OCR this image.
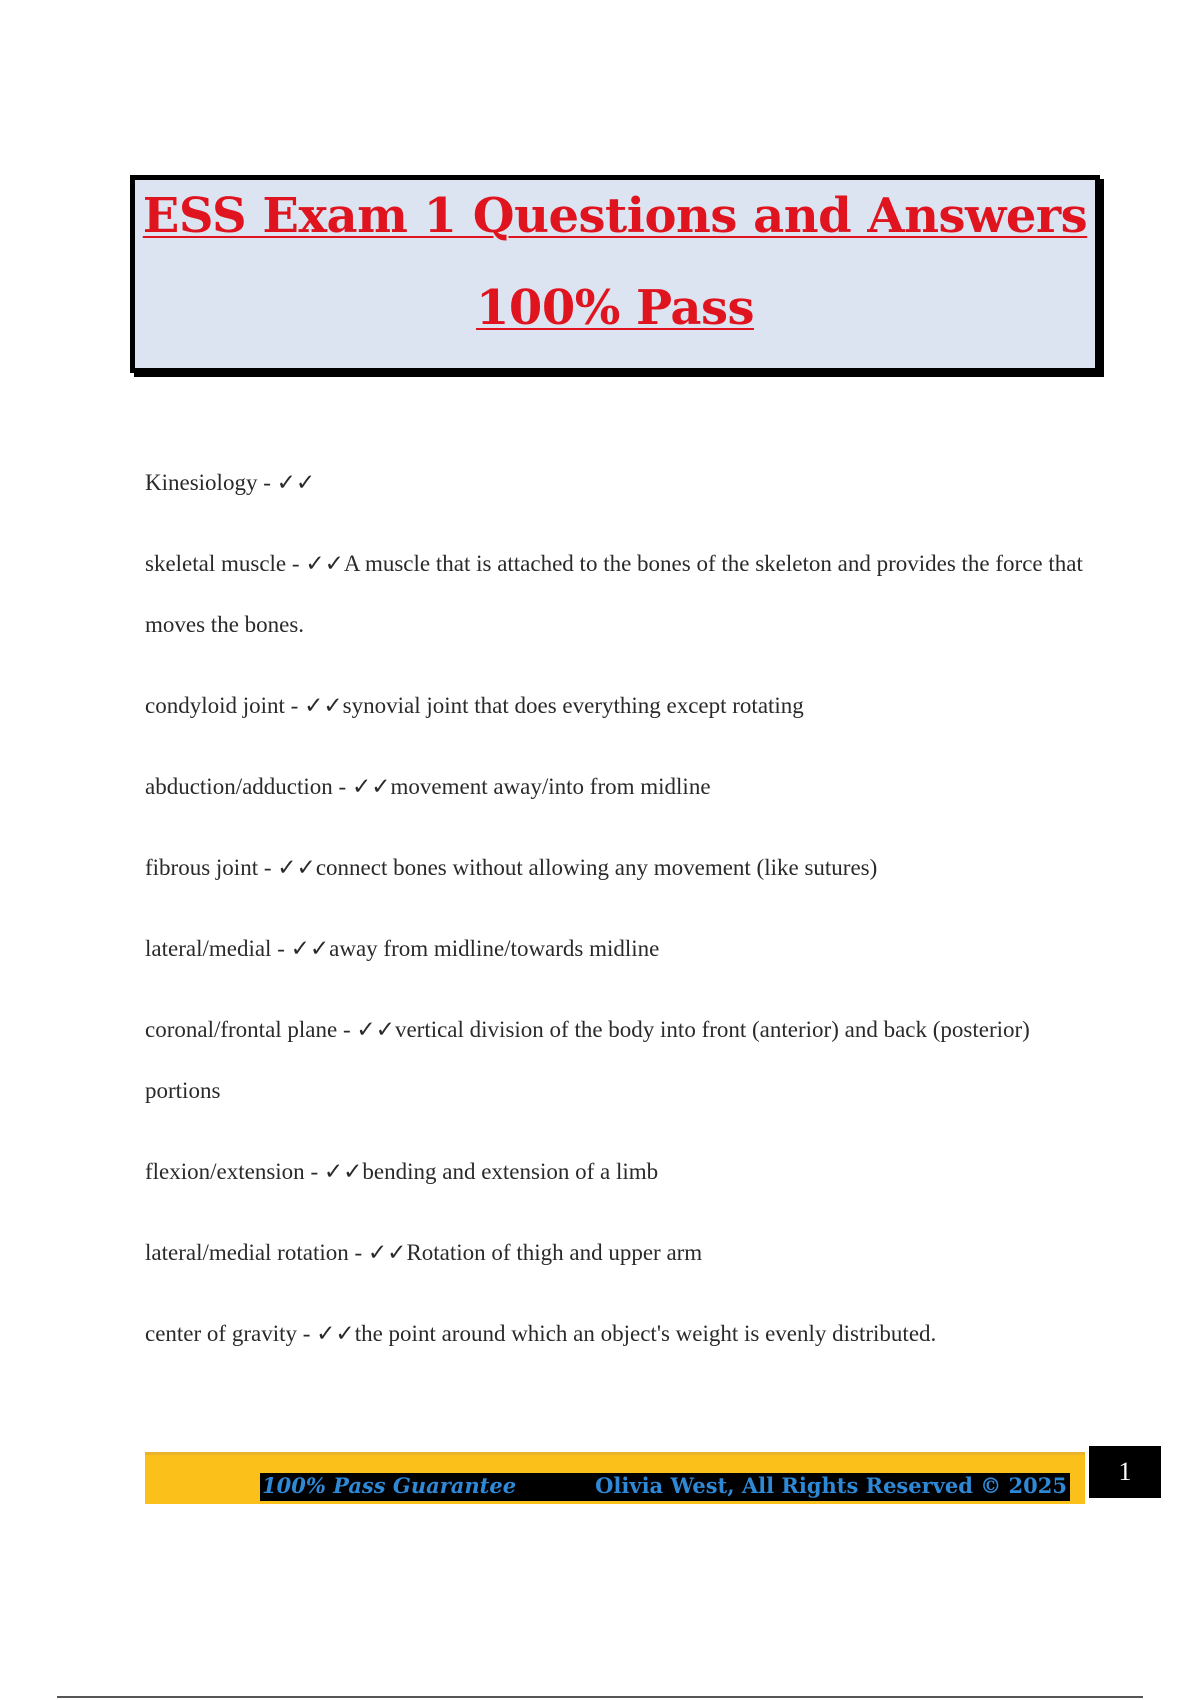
ESS Exam 1 Questions and Answers
100% Pass
Kinesiology - ✓✓
skeletal muscle - ✓✓A muscle that is attached to the bones of the skeleton and provides the force that moves the bones.
condyloid joint - ✓✓synovial joint that does everything except rotating
abduction/adduction - ✓✓movement away/into from midline
fibrous joint - ✓✓connect bones without allowing any movement (like sutures)
lateral/medial - ✓✓away from midline/towards midline
coronal/frontal plane - ✓✓vertical division of the body into front (anterior) and back (posterior) portions
flexion/extension - ✓✓bending and extension of a limb
lateral/medial rotation - ✓✓Rotation of thigh and upper arm
center of gravity - ✓✓the point around which an object's weight is evenly distributed.
100% Pass Guarantee	Olivia West, All Rights Reserved © 2025	1
